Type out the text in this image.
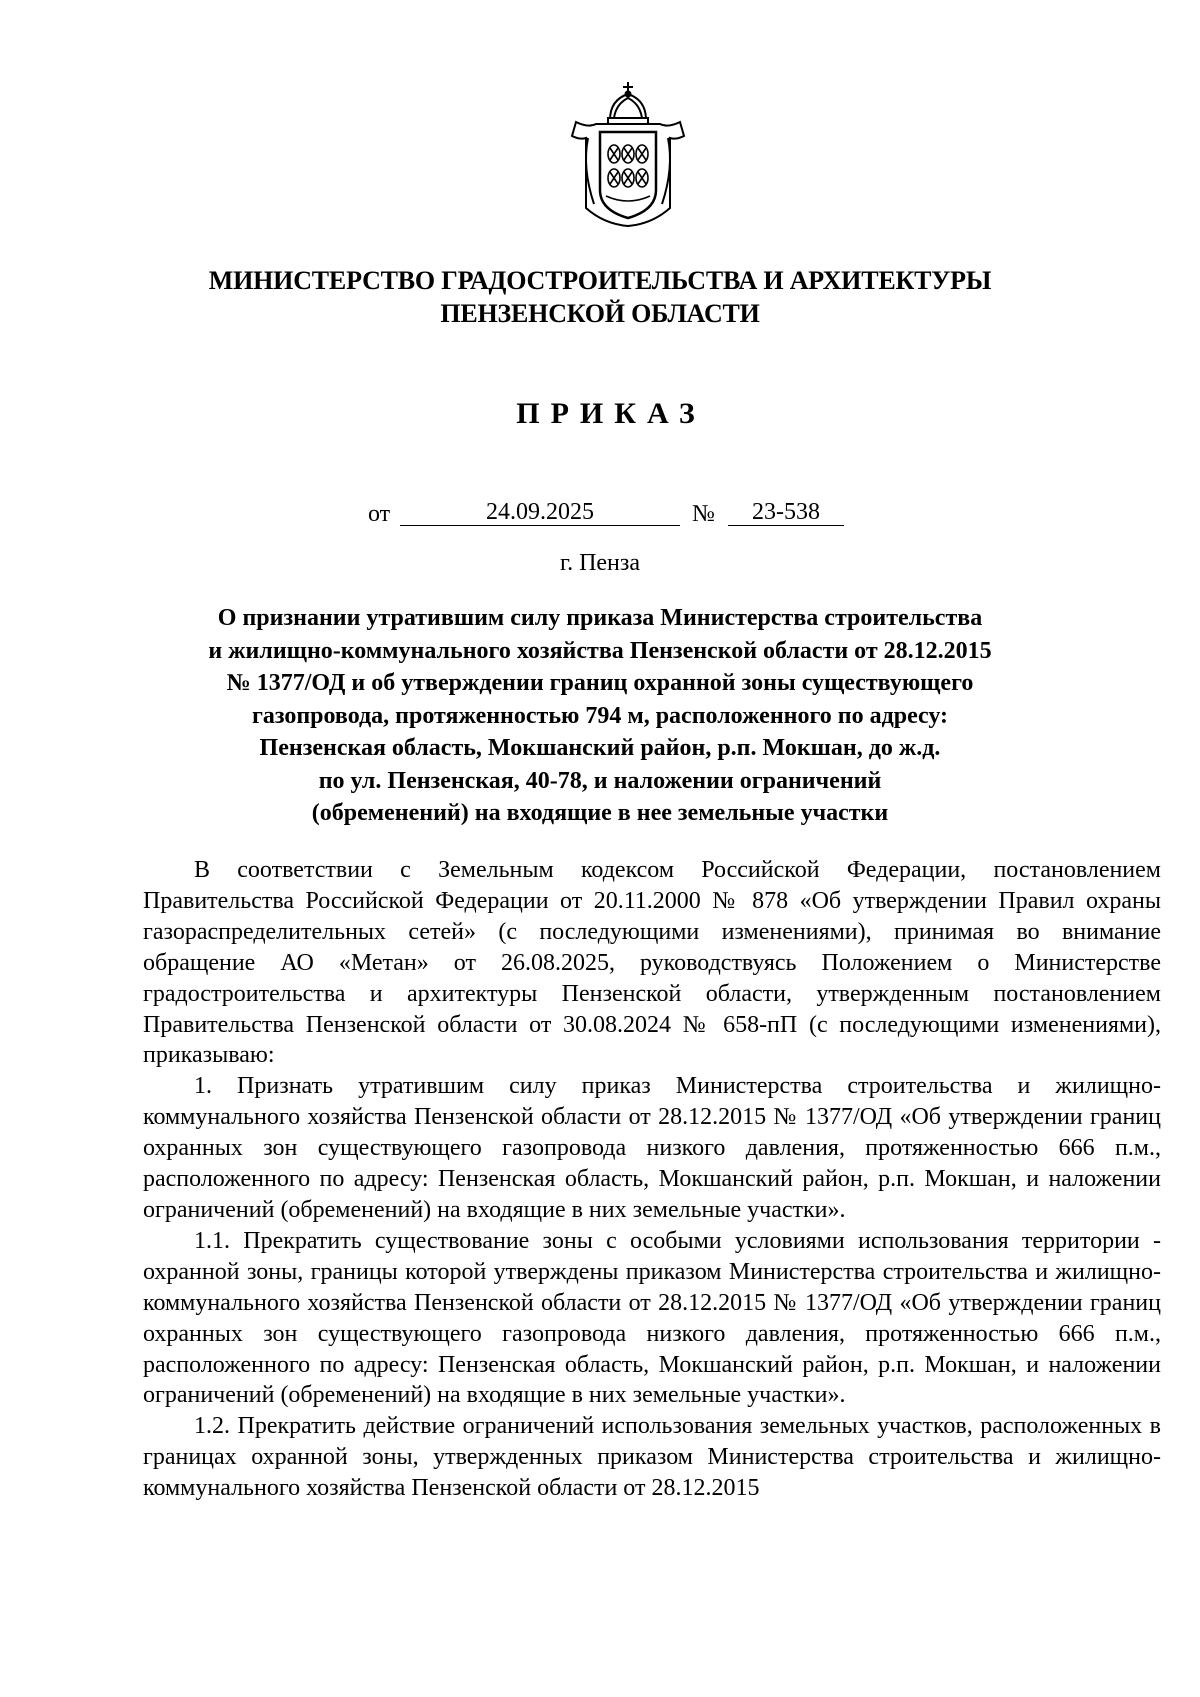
МИНИСТЕРСТВО ГРАДОСТРОИТЕЛЬСТВА И АРХИТЕКТУРЫ
ПЕНЗЕНСКОЙ ОБЛАСТИ
ПРИКАЗ
от	24.09.2025	№	23-538
г. Пенза
О признании утратившим силу приказа Министерства строительства
и жилищно-коммунального хозяйства Пензенской области от 28.12.2015
№ 1377/ОД и об утверждении границ охранной зоны существующего
газопровода, протяженностью 794 м, расположенного по адресу:
Пензенская область, Мокшанский район, р.п. Мокшан, до ж.д.
по ул. Пензенская, 40-78, и наложении ограничений
(обременений) на входящие в нее земельные участки

В соответствии с Земельным кодексом Российской Федерации, постановлением Правительства Российской Федерации от 20.11.2000 № 878 «Об утверждении Правил охраны газораспределительных сетей» (с последующими изменениями), принимая во внимание обращение АО «Метан» от 26.08.2025, руководствуясь Положением о Министерстве градостроительства и архитектуры Пензенской области, утвержденным постановлением Правительства Пензенской области от 30.08.2024 № 658-пП (с последующими изменениями), приказываю:

1. Признать утратившим силу приказ Министерства строительства и жилищно-коммунального хозяйства Пензенской области от 28.12.2015 № 1377/ОД «Об утверждении границ охранных зон существующего газопровода низкого давления, протяженностью 666 п.м., расположенного по адресу: Пензенская область, Мокшанский район, р.п. Мокшан, и наложении ограничений (обременений) на входящие в них земельные участки».

1.1. Прекратить существование зоны с особыми условиями использования территории - охранной зоны, границы которой утверждены приказом Министерства строительства и жилищно-коммунального хозяйства Пензенской области от 28.12.2015 № 1377/ОД «Об утверждении границ охранных зон существующего газопровода низкого давления, протяженностью 666 п.м., расположенного по адресу: Пензенская область, Мокшанский район, р.п. Мокшан, и наложении ограничений (обременений) на входящие в них земельные участки».

1.2. Прекратить действие ограничений использования земельных участков, расположенных в границах охранной зоны, утвержденных приказом Министерства строительства и жилищно-коммунального хозяйства Пензенской области от 28.12.2015
